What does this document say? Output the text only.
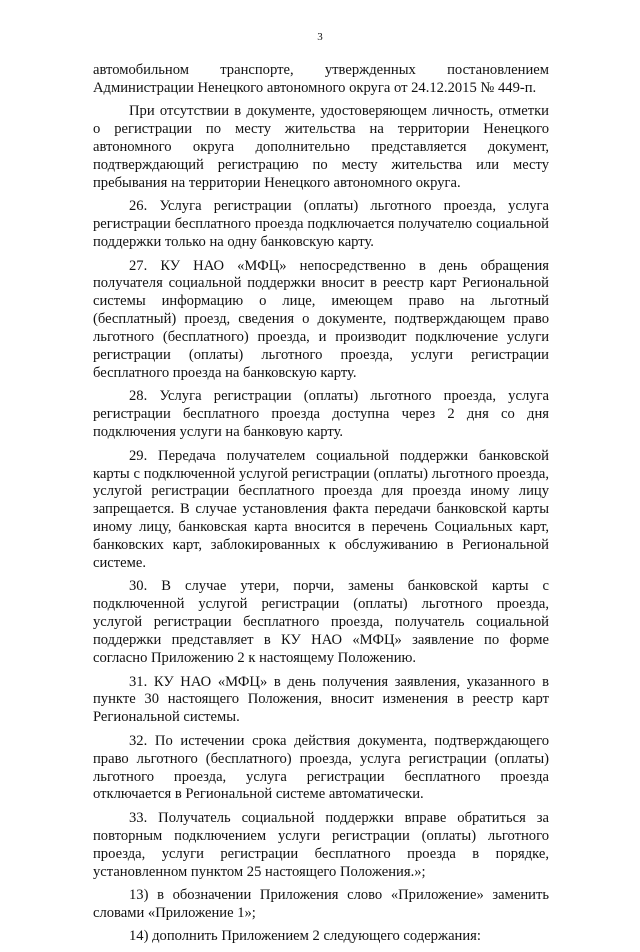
3

автомобильном транспорте, утвержденных постановлением Администрации Ненецкого автономного округа от 24.12.2015 № 449-п.

При отсутствии в документе, удостоверяющем личность, отметки о регистрации по месту жительства на территории Ненецкого автономного округа дополнительно представляется документ, подтверждающий регистрацию по месту жительства или месту пребывания на территории Ненецкого автономного округа.

26. Услуга регистрации (оплаты) льготного проезда, услуга регистрации бесплатного проезда подключается получателю социальной поддержки только на одну банковскую карту.

27. КУ НАО «МФЦ» непосредственно в день обращения получателя социальной поддержки вносит в реестр карт Региональной системы информацию о лице, имеющем право на льготный (бесплатный) проезд, сведения о документе, подтверждающем право льготного (бесплатного) проезда, и производит подключение услуги регистрации (оплаты) льготного проезда, услуги регистрации бесплатного проезда на банковскую карту.

28. Услуга регистрации (оплаты) льготного проезда, услуга регистрации бесплатного проезда доступна через 2 дня со дня подключения услуги на банковую карту.

29. Передача получателем социальной поддержки банковской карты с подключенной услугой регистрации (оплаты) льготного проезда, услугой регистрации бесплатного проезда для проезда иному лицу запрещается. В случае установления факта передачи банковской карты иному лицу, банковская карта вносится в перечень Социальных карт, банковских карт, заблокированных к обслуживанию в Региональной системе.

30. В случае утери, порчи, замены банковской карты с подключенной услугой регистрации (оплаты) льготного проезда, услугой регистрации бесплатного проезда, получатель социальной поддержки представляет в КУ НАО «МФЦ» заявление по форме согласно Приложению 2 к настоящему Положению.

31. КУ НАО «МФЦ» в день получения заявления, указанного в пункте 30 настоящего Положения, вносит изменения в реестр карт Региональной системы.

32. По истечении срока действия документа, подтверждающего право льготного (бесплатного) проезда, услуга регистрации (оплаты) льготного проезда, услуга регистрации бесплатного проезда отключается в Региональной системе автоматически.

33. Получатель социальной поддержки вправе обратиться за повторным подключением услуги регистрации (оплаты) льготного проезда, услуги регистрации бесплатного проезда в порядке, установленном пунктом 25 настоящего Положения.»;

13) в обозначении Приложения слово «Приложение» заменить словами «Приложение 1»;

14) дополнить Приложением 2 следующего содержания:
